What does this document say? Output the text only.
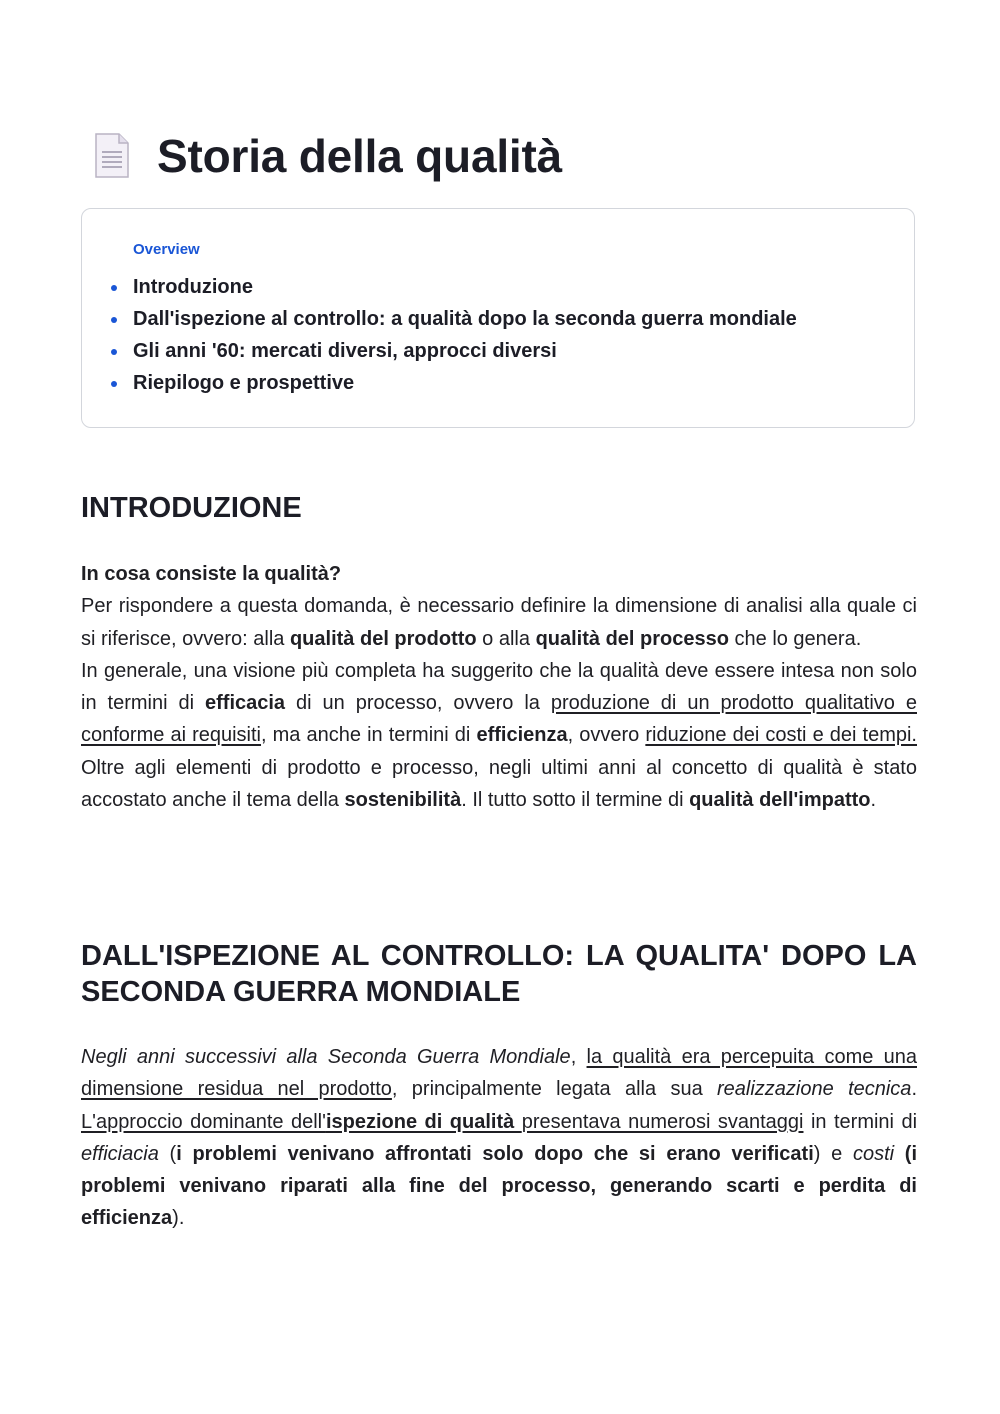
Storia della qualità
Overview
Introduzione
Dall'ispezione al controllo: a qualità dopo la seconda guerra mondiale
Gli anni '60: mercati diversi, approcci diversi
Riepilogo e prospettive
INTRODUZIONE

In cosa consiste la qualità?

Per rispondere a questa domanda, è necessario definire la dimensione di analisi alla quale ci si riferisce, ovvero: alla qualità del prodotto o alla qualità del processo che lo genera.

In generale, una visione più completa ha suggerito che la qualità deve essere intesa non solo in termini di efficacia di un processo, ovvero la produzione di un prodotto qualitativo e conforme ai requisiti, ma anche in termini di efficienza, ovvero riduzione dei costi e dei tempi. Oltre agli elementi di prodotto e processo, negli ultimi anni al concetto di qualità è stato accostato anche il tema della sostenibilità. Il tutto sotto il termine di qualità dell'impatto.

DALL'ISPEZIONE AL CONTROLLO: LA QUALITA' DOPO LA SECONDA GUERRA MONDIALE

Negli anni successivi alla Seconda Guerra Mondiale, la qualità era percepuita come una dimensione residua nel prodotto, principalmente legata alla sua realizzazione tecnica. L'approccio dominante dell'ispezione di qualità presentava numerosi svantaggi in termini di efficiacia (i problemi venivano affrontati solo dopo che si erano verificati) e costi (i problemi venivano riparati alla fine del processo, generando scarti e perdita di efficienza).
